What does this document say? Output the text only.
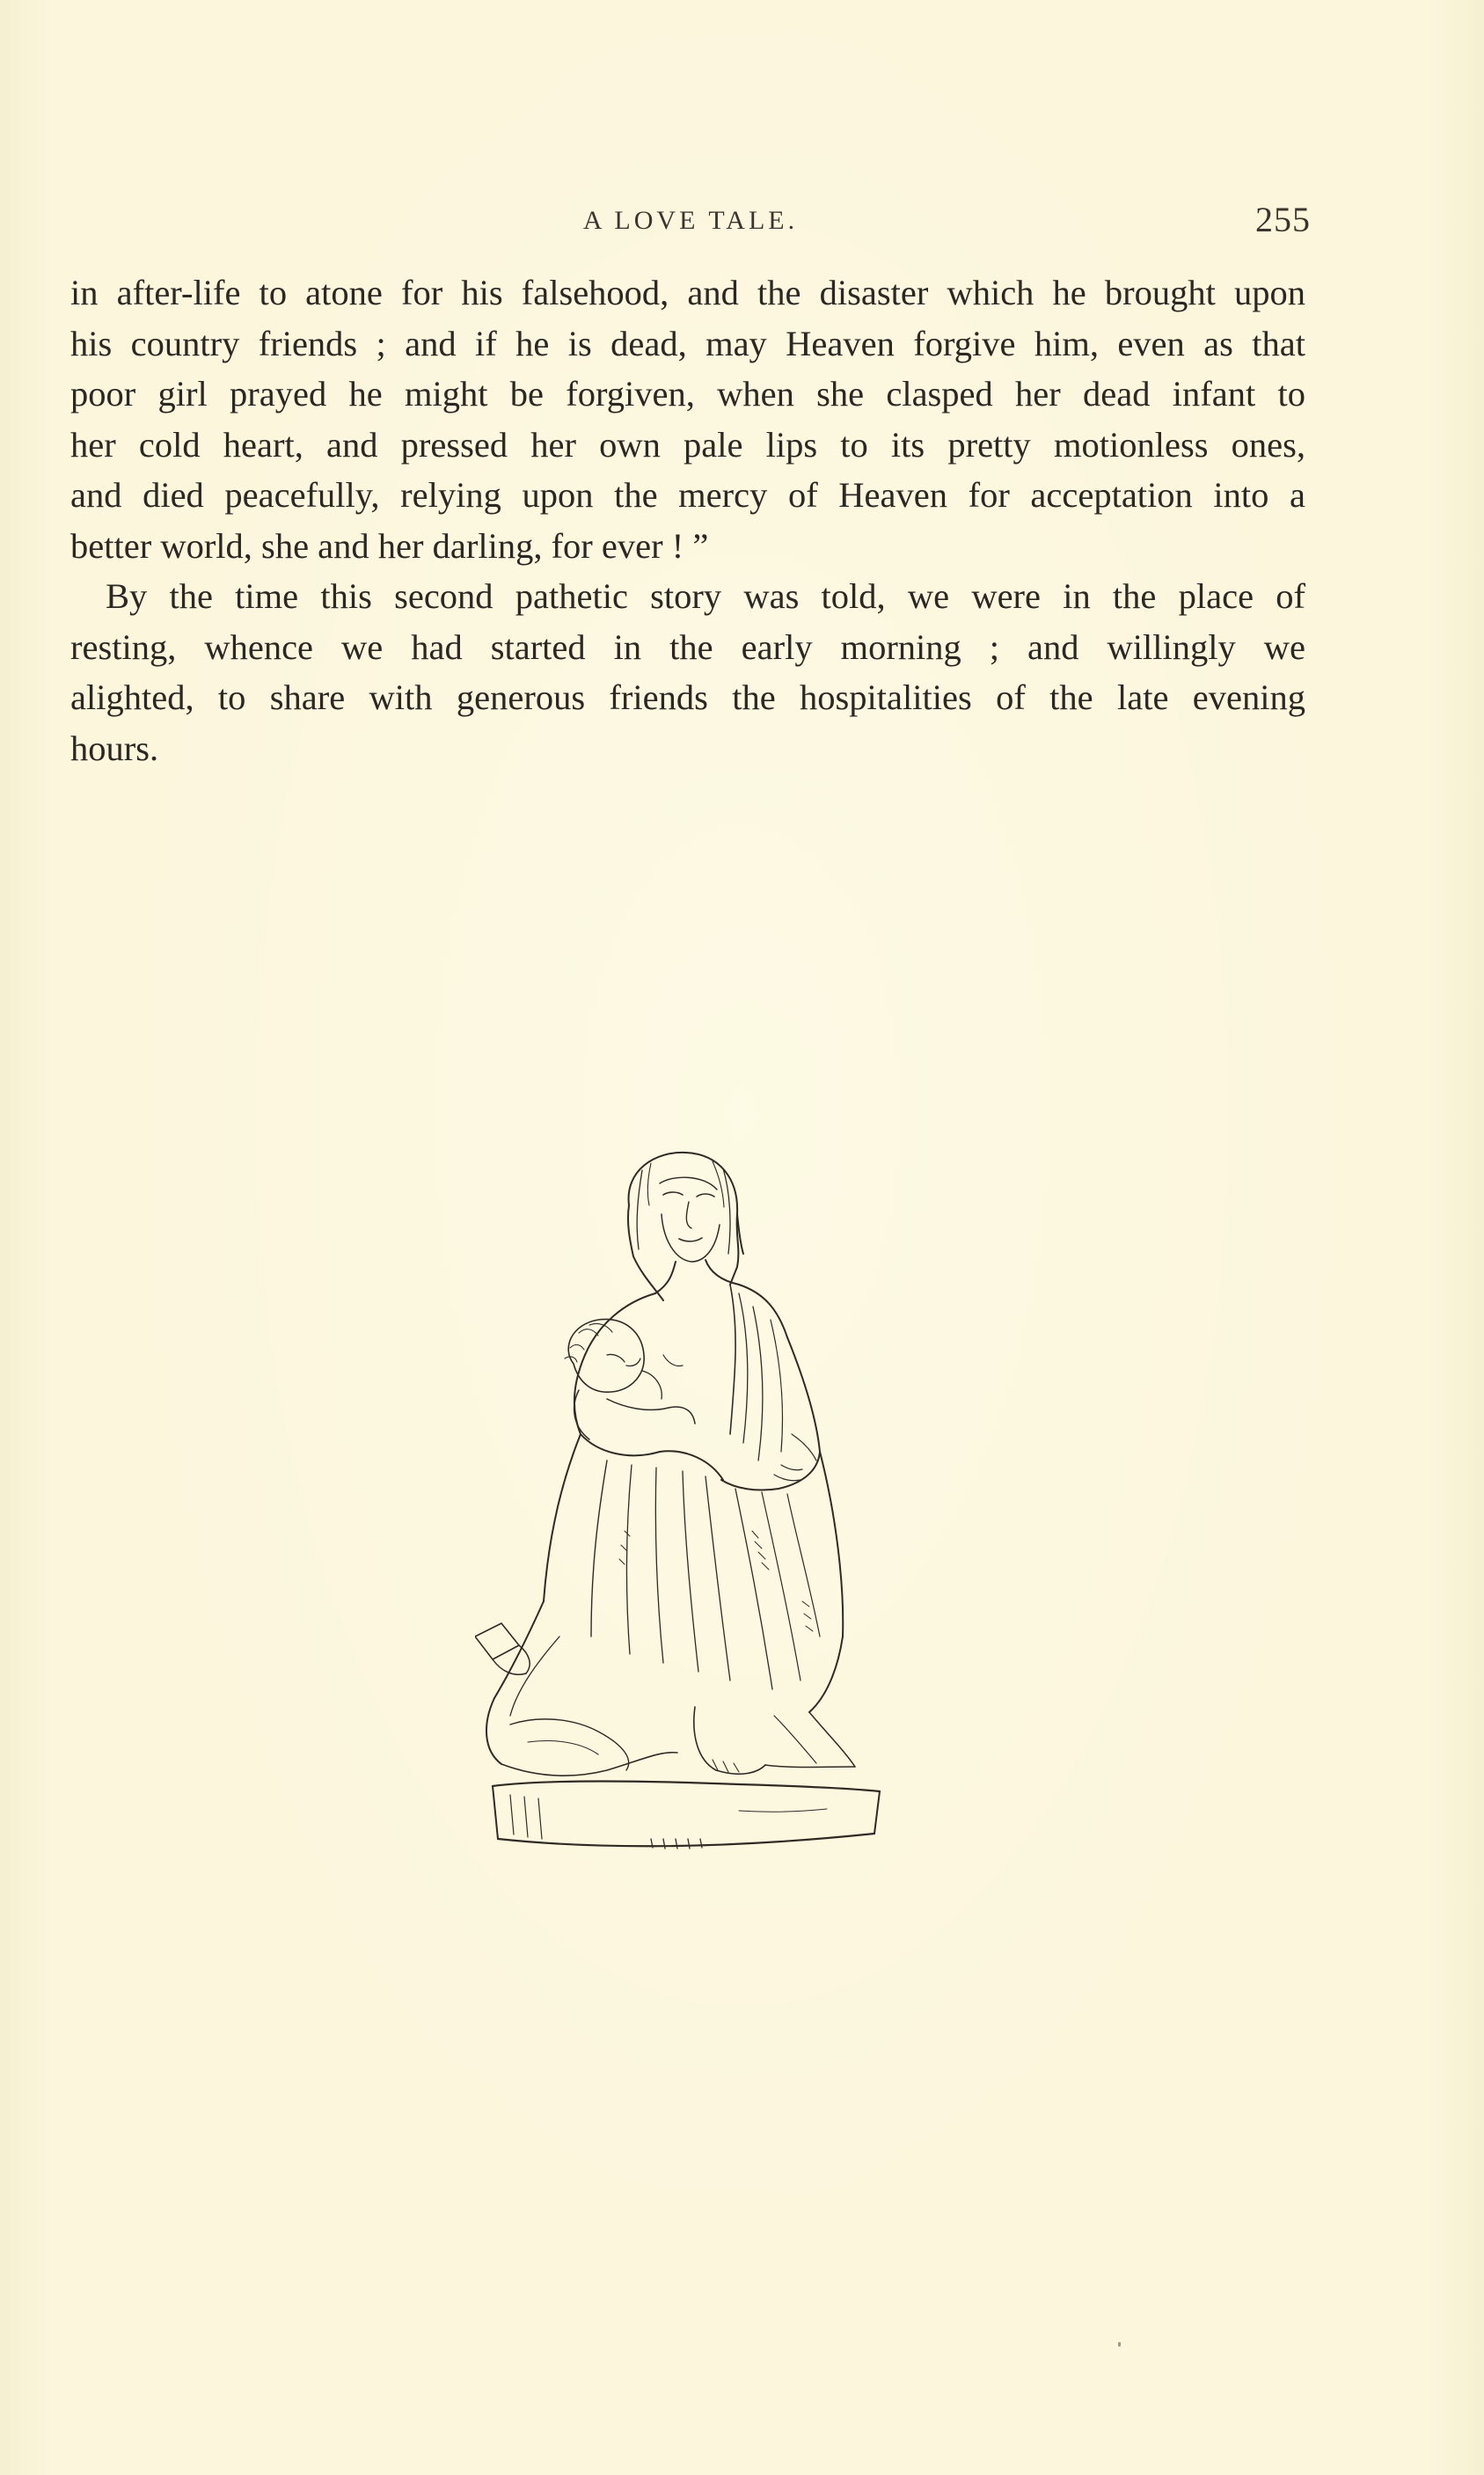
A LOVE TALE.	255
in after-life to atone for his falsehood, and the disaster which he brought upon
his country friends ; and if he is dead, may Heaven forgive him, even as that
poor girl prayed he might be forgiven, when she clasped her dead infant to
her cold heart, and pressed her own pale lips to its pretty motionless ones,
and died peacefully, relying upon the mercy of Heaven for acceptation into a
better world, she and her darling, for ever ! ”
By the time this second pathetic story was told, we were in the place of
resting, whence we had started in the early morning ; and willingly we
alighted, to share with generous friends the hospitalities of the late evening
hours.
